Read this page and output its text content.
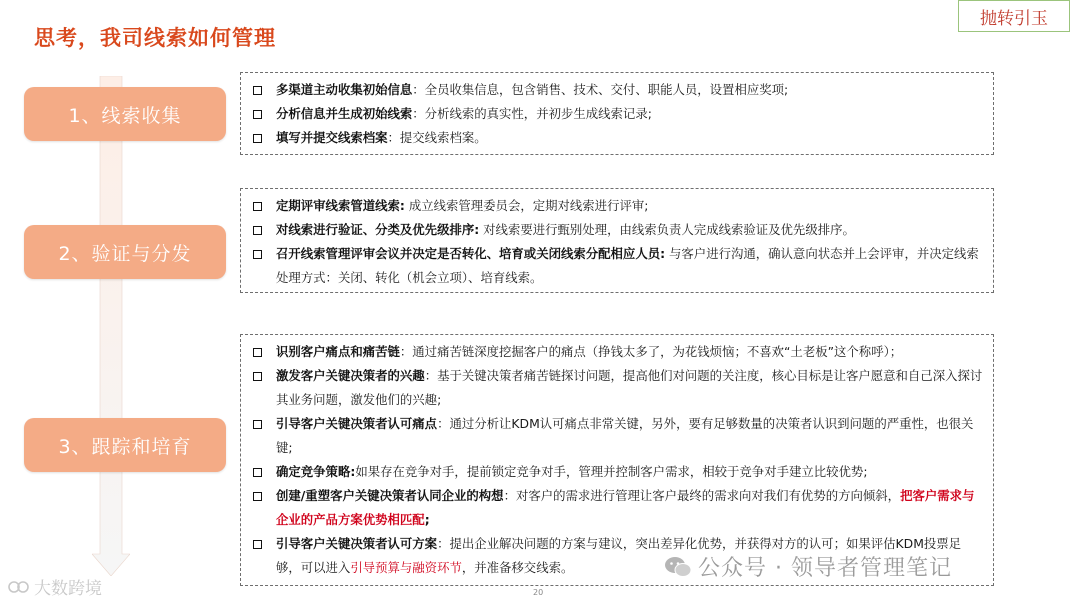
思考，我司线索如何管理
抛转引玉
1、线索收集
2、验证与分发
3、跟踪和培育
多渠道主动收集初始信息：全员收集信息，包含销售、技术、交付、职能人员，设置相应奖项;
分析信息并生成初始线索：分析线索的真实性，并初步生成线索记录;
填写并提交线索档案：提交线索档案。
定期评审线索管道线索: 成立线索管理委员会，定期对线索进行评审;
对线索进行验证、分类及优先级排序: 对线索要进行甄别处理，由线索负责人完成线索验证及优先级排序。
召开线索管理评审会议并决定是否转化、培育或关闭线索分配相应人员: 与客户进行沟通，确认意向状态并上会评审，并决定线索处理方式：关闭、转化（机会立项）、培育线索。
识别客户痛点和痛苦链：通过痛苦链深度挖掘客户的痛点（挣钱太多了，为花钱烦恼；不喜欢“土老板”这个称呼）；
激发客户关键决策者的兴趣：基于关键决策者痛苦链探讨问题，提高他们对问题的关注度，核心目标是让客户愿意和自己深入探讨其业务问题，激发他们的兴趣;
引导客户关键决策者认可痛点：通过分析让KDM认可痛点非常关键，另外，要有足够数量的决策者认识到问题的严重性，也很关键;
确定竞争策略:如果存在竞争对手，提前锁定竞争对手，管理并控制客户需求，相较于竞争对手建立比较优势;
创建/重塑客户关键决策者认同企业的构想：对客户的需求进行管理让客户最终的需求向对我们有优势的方向倾斜，把客户需求与企业的产品方案优势相匹配;
引导客户关键决策者认可方案：提出企业解决问题的方案与建议，突出差异化优势，并获得对方的认可；如果评估KDM投票足够，可以进入引导预算与融资环节，并准备移交线索。
20
大数跨境
公众号 · 领导者管理笔记
